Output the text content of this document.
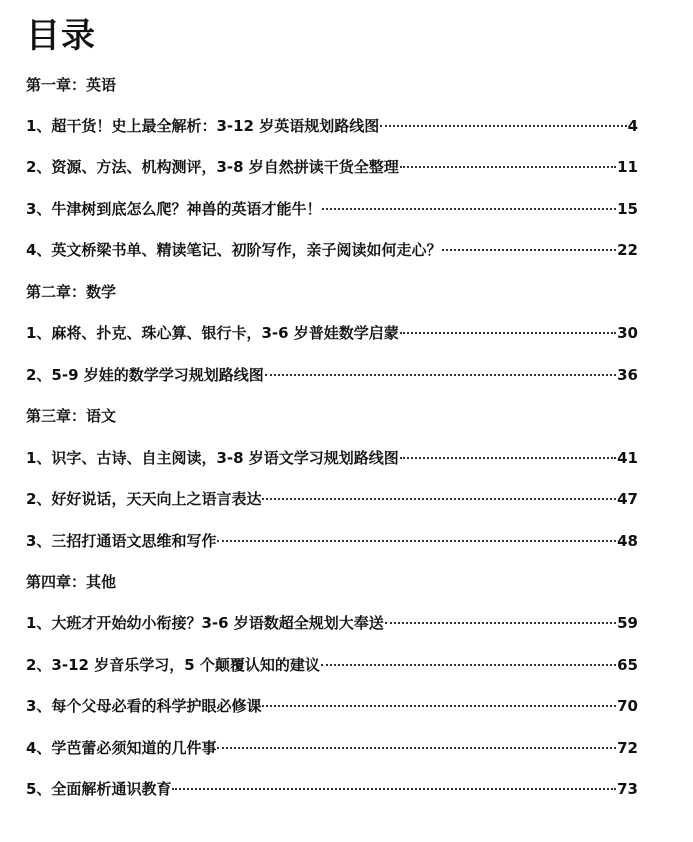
目录
第一章：英语
1、超干货！史上最全解析：3-12 岁英语规划路线图	4
2、资源、方法、机构测评，3-8 岁自然拼读干货全整理	11
3、牛津树到底怎么爬？神兽的英语才能牛！	15
4、英文桥梁书单、精读笔记、初阶写作，亲子阅读如何走心？	22
第二章：数学
1、麻将、扑克、珠心算、银行卡，3-6 岁普娃数学启蒙	30
2、5-9 岁娃的数学学习规划路线图	36
第三章：语文
1、识字、古诗、自主阅读，3-8 岁语文学习规划路线图	41
2、好好说话，天天向上之语言表达	47
3、三招打通语文思维和写作	48
第四章：其他
1、大班才开始幼小衔接？3-6 岁语数超全规划大奉送	59
2、3-12 岁音乐学习，5 个颠覆认知的建议	65
3、每个父母必看的科学护眼必修课	70
4、学芭蕾必须知道的几件事	72
5、全面解析通识教育	73
